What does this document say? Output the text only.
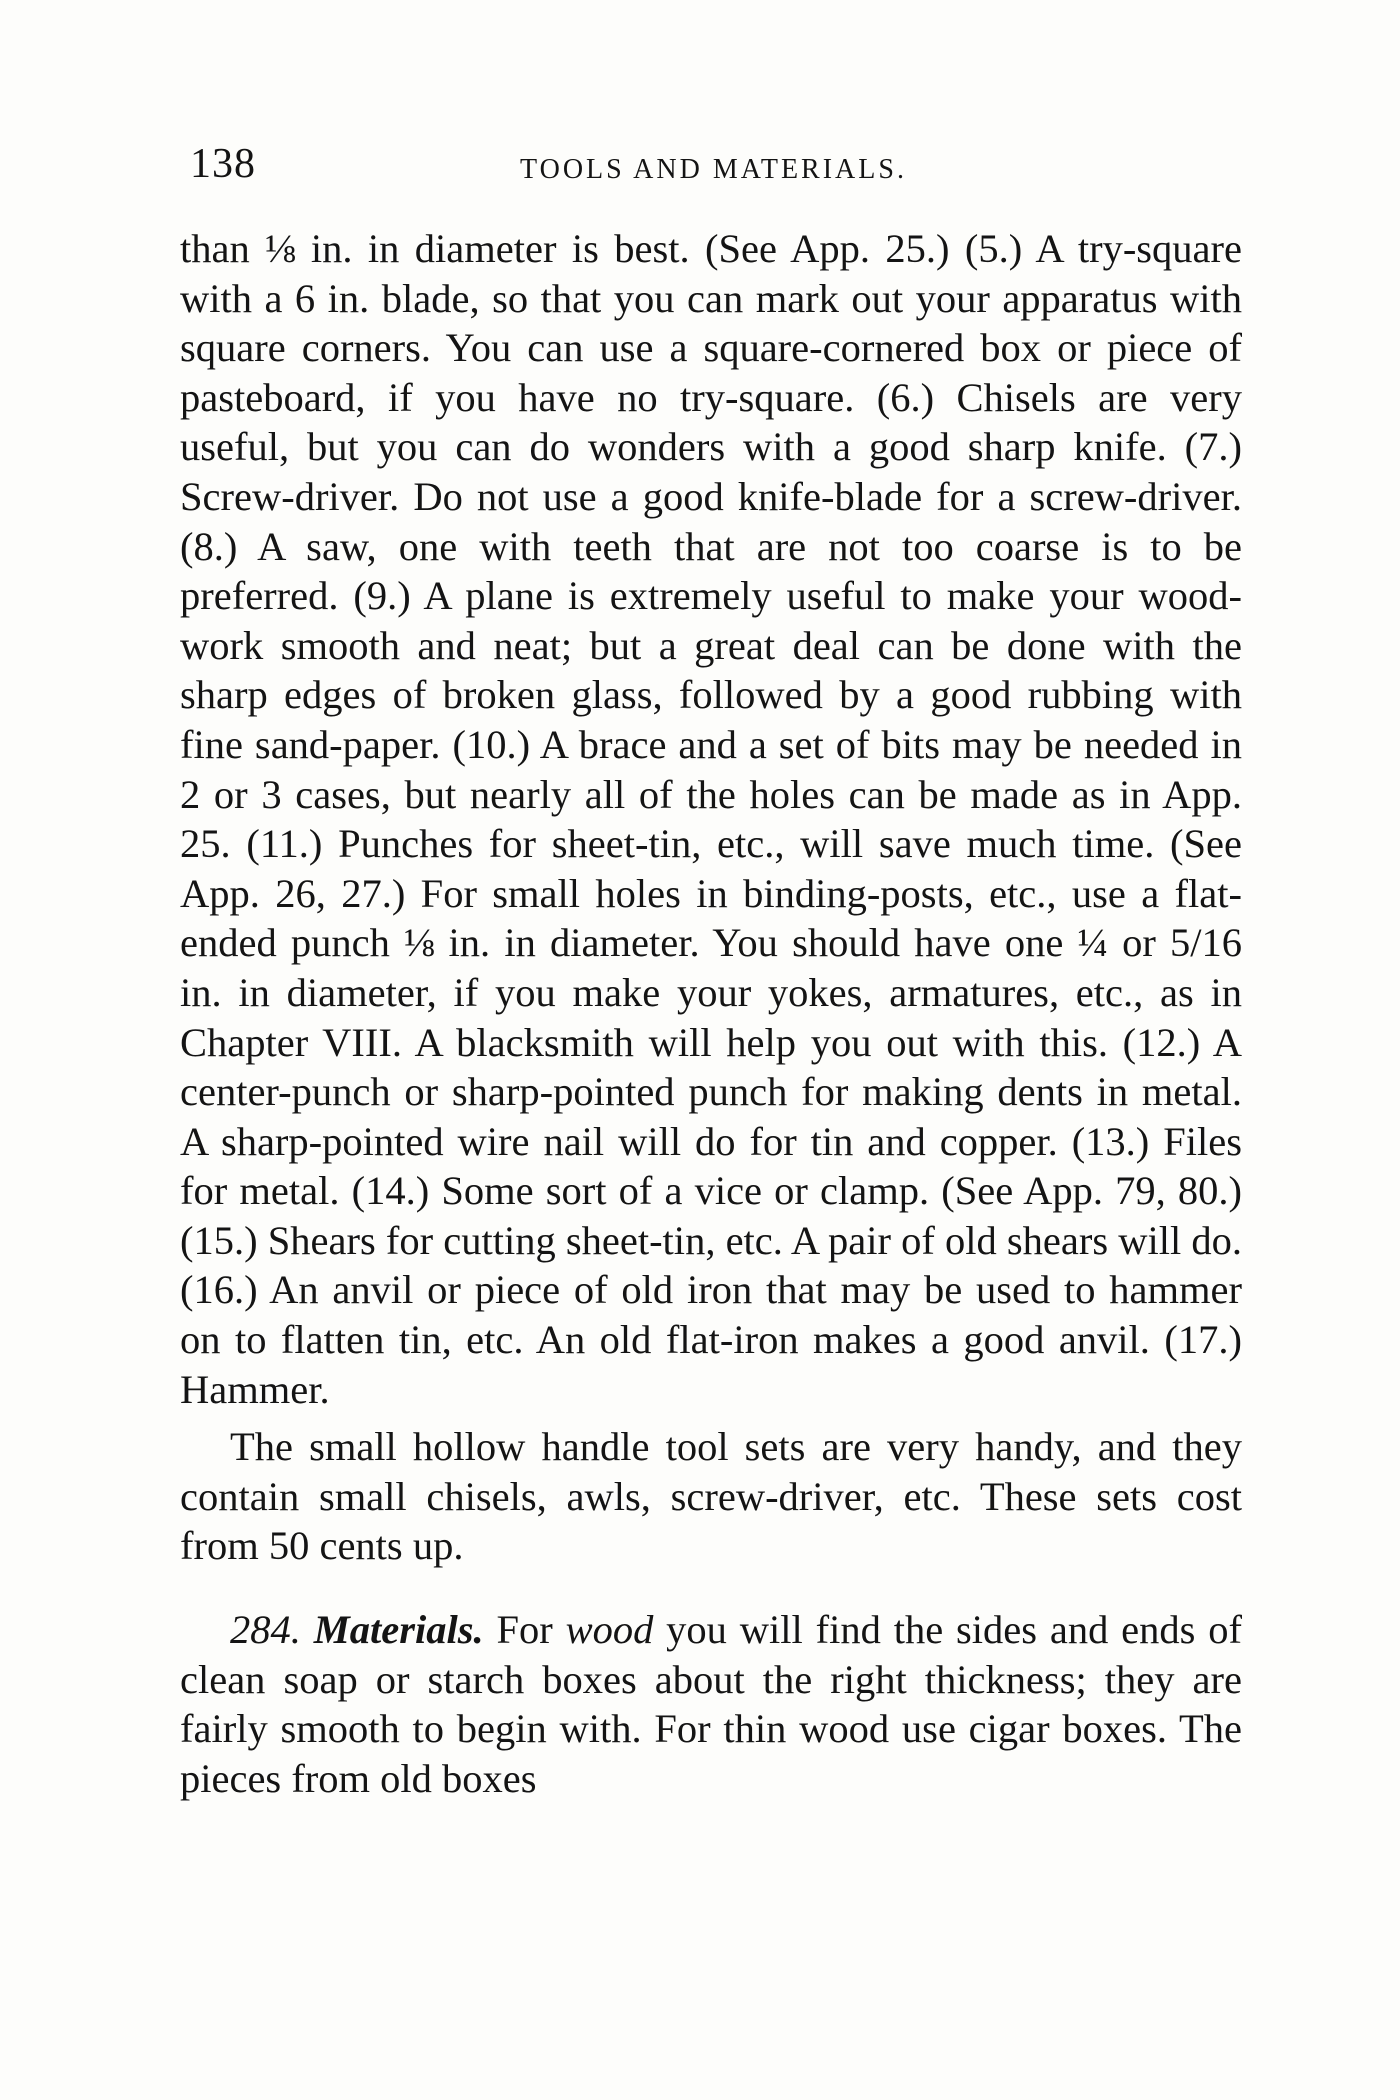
138	TOOLS AND MATERIALS.

than ⅛ in. in diameter is best. (See App. 25.) (5.) A try-square with a 6 in. blade, so that you can mark out your apparatus with square corners. You can use a square-cornered box or piece of pasteboard, if you have no try-square. (6.) Chisels are very useful, but you can do wonders with a good sharp knife. (7.) Screw-driver. Do not use a good knife-blade for a screw-driver. (8.) A saw, one with teeth that are not too coarse is to be preferred. (9.) A plane is extremely useful to make your wood-work smooth and neat; but a great deal can be done with the sharp edges of broken glass, followed by a good rubbing with fine sand-paper. (10.) A brace and a set of bits may be needed in 2 or 3 cases, but nearly all of the holes can be made as in App. 25. (11.) Punches for sheet-tin, etc., will save much time. (See App. 26, 27.) For small holes in binding-posts, etc., use a flat-ended punch ⅛ in. in diameter. You should have one ¼ or 5/16 in. in diameter, if you make your yokes, armatures, etc., as in Chapter VIII. A blacksmith will help you out with this. (12.) A center-punch or sharp-pointed punch for making dents in metal. A sharp-pointed wire nail will do for tin and copper. (13.) Files for metal. (14.) Some sort of a vice or clamp. (See App. 79, 80.) (15.) Shears for cutting sheet-tin, etc. A pair of old shears will do. (16.) An anvil or piece of old iron that may be used to hammer on to flatten tin, etc. An old flat-iron makes a good anvil. (17.) Hammer.

The small hollow handle tool sets are very handy, and they contain small chisels, awls, screw-driver, etc. These sets cost from 50 cents up.

284. Materials. For wood you will find the sides and ends of clean soap or starch boxes about the right thickness; they are fairly smooth to begin with. For thin wood use cigar boxes. The pieces from old boxes
